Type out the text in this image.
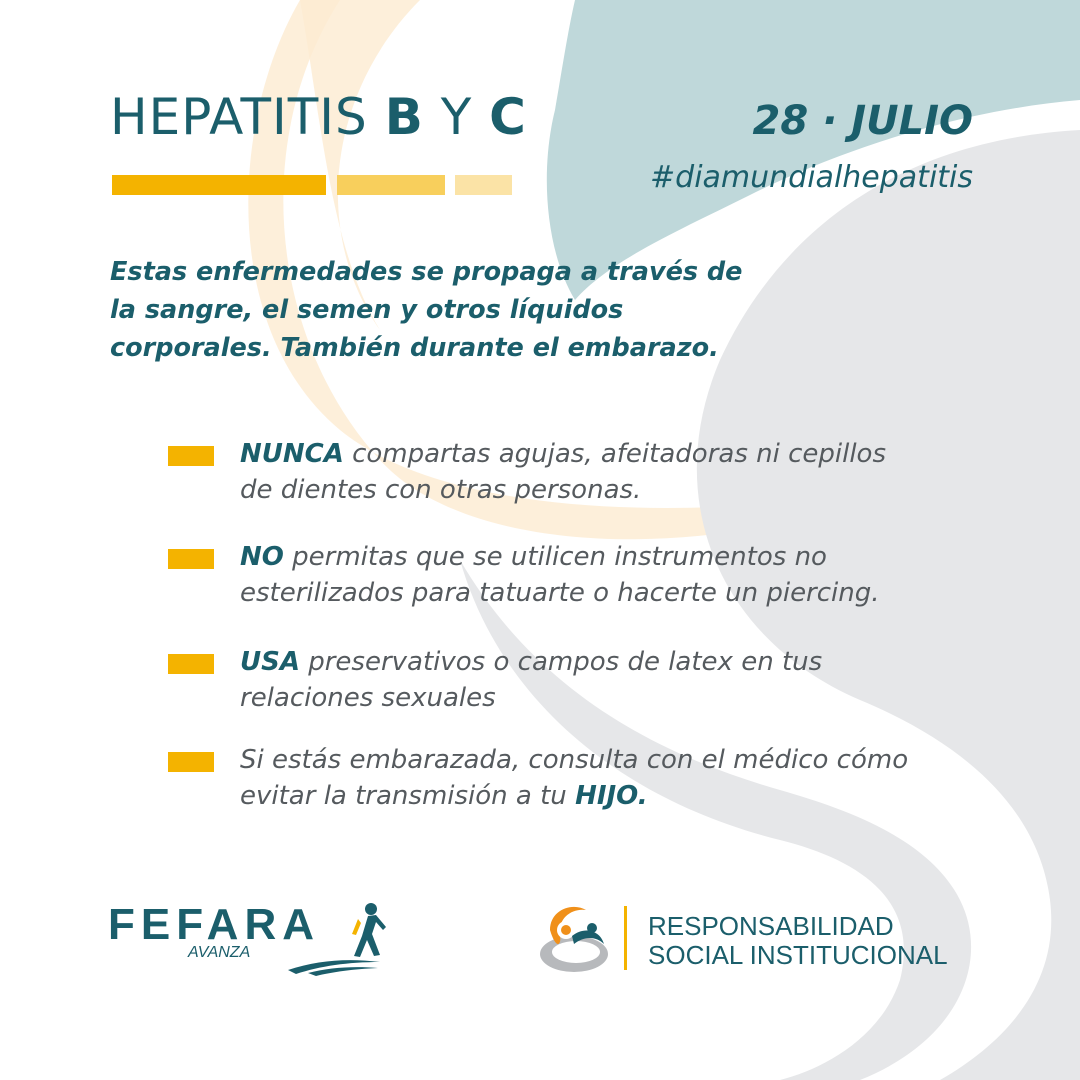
HEPATITIS B Y C	28 · JULIO
#diamundialhepatitis
Estas enfermedades se propaga a través de
la sangre, el semen y otros líquidos
corporales. También durante el embarazo.
NUNCA compartas agujas, afeitadoras ni cepillos
de dientes con otras personas.
NO permitas que se utilicen instrumentos no
esterilizados para tatuarte o hacerte un piercing.
USA preservativos o campos de latex en tus
relaciones sexuales
Si estás embarazada, consulta con el médico cómo
evitar la transmisión a tu HIJO.
FEFARA
AVANZA
RESPONSABILIDAD
SOCIAL INSTITUCIONAL
